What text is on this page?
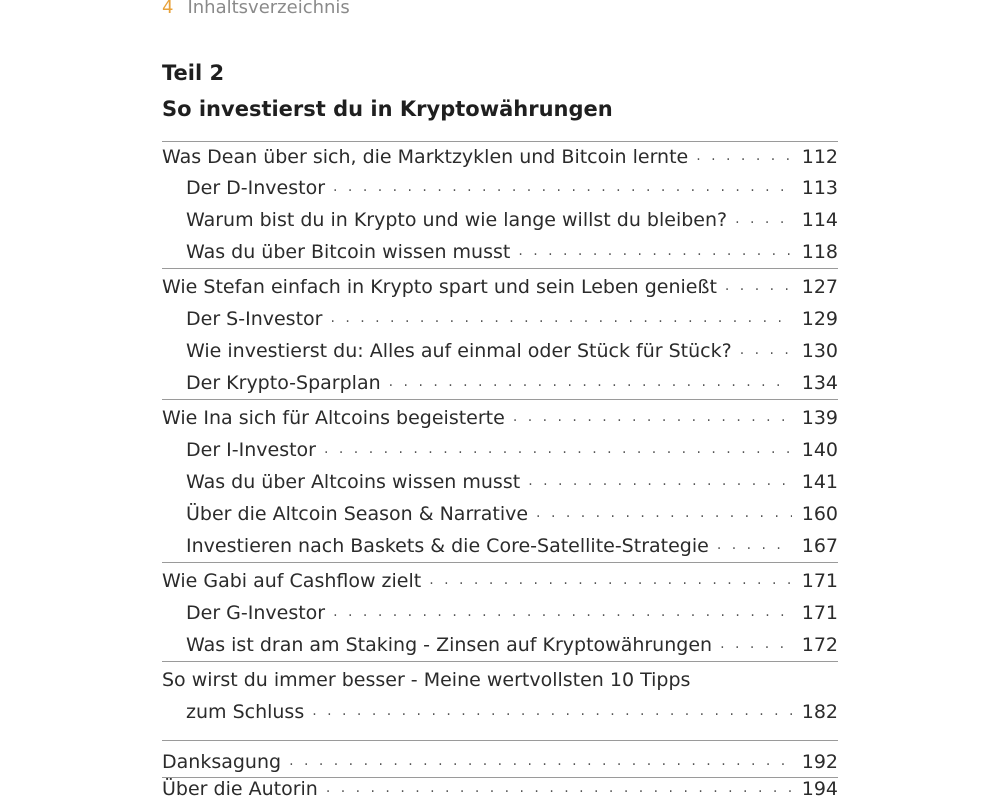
4 Inhaltsverzeichnis
Teil 2
So investierst du in Kryptowährungen
Was Dean über sich, die Marktzyklen und Bitcoin lernte . . .	112
Der D-Investor . . .	113
Warum bist du in Krypto und wie lange willst du bleiben? . . .	114
Was du über Bitcoin wissen musst . . .	118
Wie Stefan einfach in Krypto spart und sein Leben genießt . . .	127
Der S-Investor . . .	129
Wie investierst du: Alles auf einmal oder Stück für Stück? . . .	130
Der Krypto-Sparplan . . .	134
Wie Ina sich für Altcoins begeisterte . . .	139
Der I-Investor . . .	140
Was du über Altcoins wissen musst . . .	141
Über die Altcoin Season & Narrative . . .	160
Investieren nach Baskets & die Core-Satellite-Strategie . . .	167
Wie Gabi auf Cashflow zielt . . .	171
Der G-Investor . . .	171
Was ist dran am Staking - Zinsen auf Kryptowährungen . . .	172
So wirst du immer besser - Meine wertvollsten 10 Tipps
zum Schluss . . .	182
Danksagung . . .	192
Über die Autorin . . .	194
